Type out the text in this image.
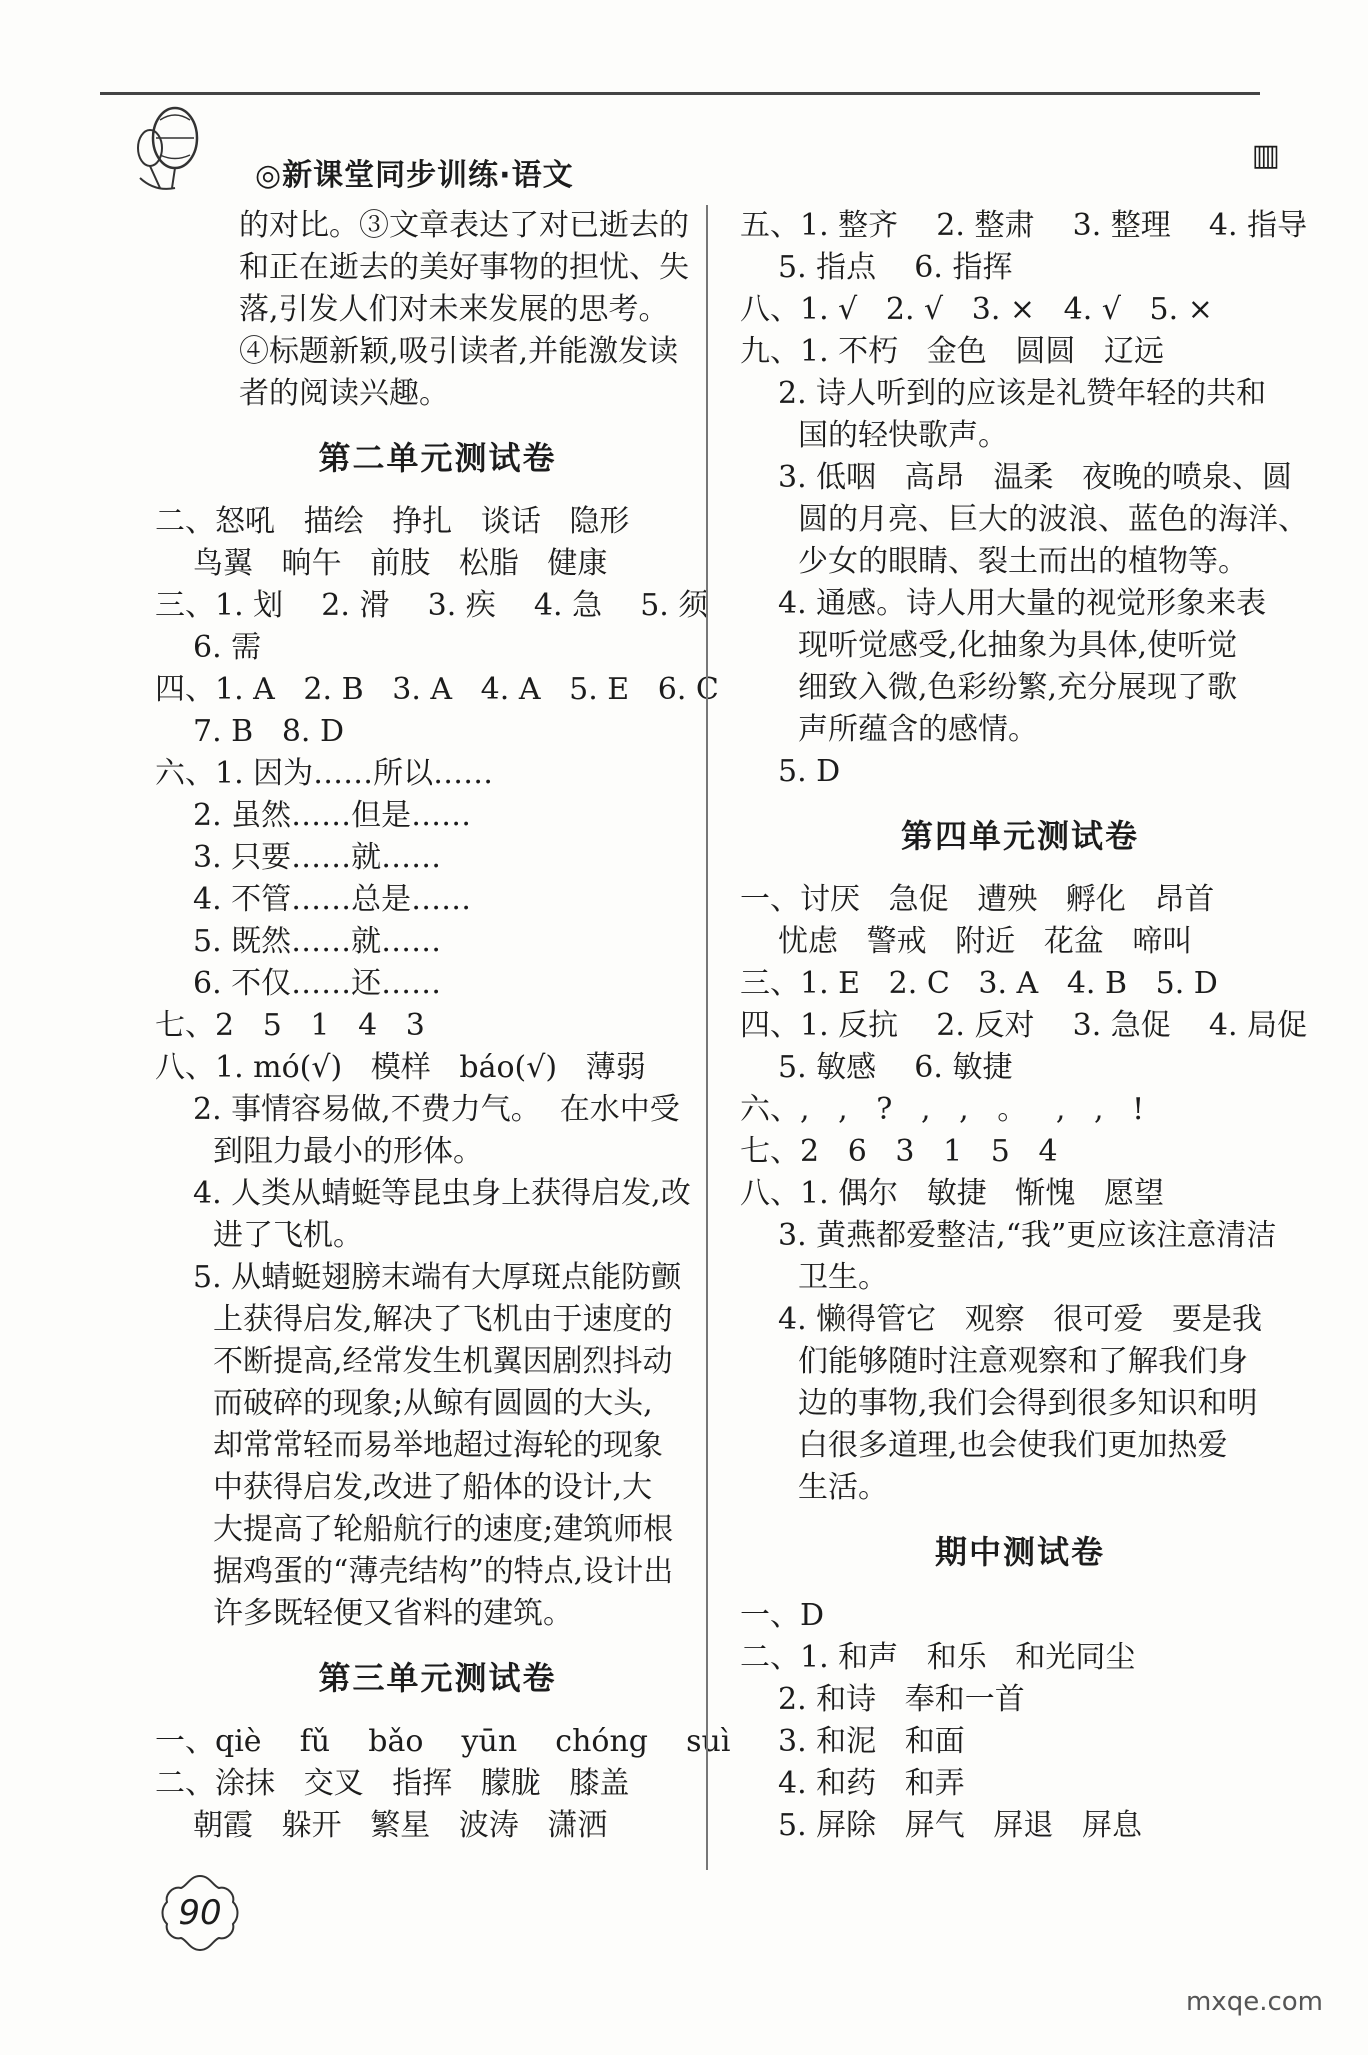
◎新课堂同步训练·语文
▥
的对比。③文章表达了对已逝去的
和正在逝去的美好事物的担忧、失
落,引发人们对未来发展的思考。
④标题新颖,吸引读者,并能激发读
者的阅读兴趣。
第二单元测试卷
二、怒吼   描绘   挣扎   谈话   隐形
鸟翼   晌午   前肢   松脂   健康
三、1. 划    2. 滑    3. 疾    4. 急    5. 须
6. 需
四、1. A   2. B   3. A   4. A   5. E   6. C
7. B   8. D
六、1. 因为……所以……
2. 虽然……但是……
3. 只要……就……
4. 不管……总是……
5. 既然……就……
6. 不仅……还……
七、2   5   1   4   3
八、1. mó(√)   模样   báo(√)   薄弱
2. 事情容易做,不费力气。  在水中受
到阻力最小的形体。
4. 人类从蜻蜓等昆虫身上获得启发,改
进了飞机。
5. 从蜻蜓翅膀末端有大厚斑点能防颤
上获得启发,解决了飞机由于速度的
不断提高,经常发生机翼因剧烈抖动
而破碎的现象;从鲸有圆圆的大头,
却常常轻而易举地超过海轮的现象
中获得启发,改进了船体的设计,大
大提高了轮船航行的速度;建筑师根
据鸡蛋的“薄壳结构”的特点,设计出
许多既轻便又省料的建筑。
第三单元测试卷
一、qiè    fǔ    bǎo    yūn    chóng    suì
二、涂抹   交叉   指挥   朦胧   膝盖
朝霞   躲开   繁星   波涛   潇洒
五、1. 整齐    2. 整肃    3. 整理    4. 指导
5. 指点    6. 指挥
八、1. √   2. √   3. ×   4. √   5. ×
九、1. 不朽   金色   圆圆   辽远
2. 诗人听到的应该是礼赞年轻的共和
国的轻快歌声。
3. 低咽   高昂   温柔   夜晚的喷泉、圆
圆的月亮、巨大的波浪、蓝色的海洋、
少女的眼睛、裂土而出的植物等。
4. 通感。诗人用大量的视觉形象来表
现听觉感受,化抽象为具体,使听觉
细致入微,色彩纷繁,充分展现了歌
声所蕴含的感情。
5. D
第四单元测试卷
一、讨厌   急促   遭殃   孵化   昂首
忧虑   警戒   附近   花盆   啼叫
三、1. E   2. C   3. A   4. B   5. D
四、1. 反抗    2. 反对    3. 急促    4. 局促
5. 敏感    6. 敏捷
六、,   ,   ?   ,   ,   。   ,   ,   !
七、2   6   3   1   5   4
八、1. 偶尔   敏捷   惭愧   愿望
3. 黄燕都爱整洁,“我”更应该注意清洁
卫生。
4. 懒得管它   观察   很可爱   要是我
们能够随时注意观察和了解我们身
边的事物,我们会得到很多知识和明
白很多道理,也会使我们更加热爱
生活。
期中测试卷
一、D
二、1. 和声   和乐   和光同尘
2. 和诗   奉和一首
3. 和泥   和面
4. 和药   和弄
5. 屏除   屏气   屏退   屏息
90
mxqe.com
